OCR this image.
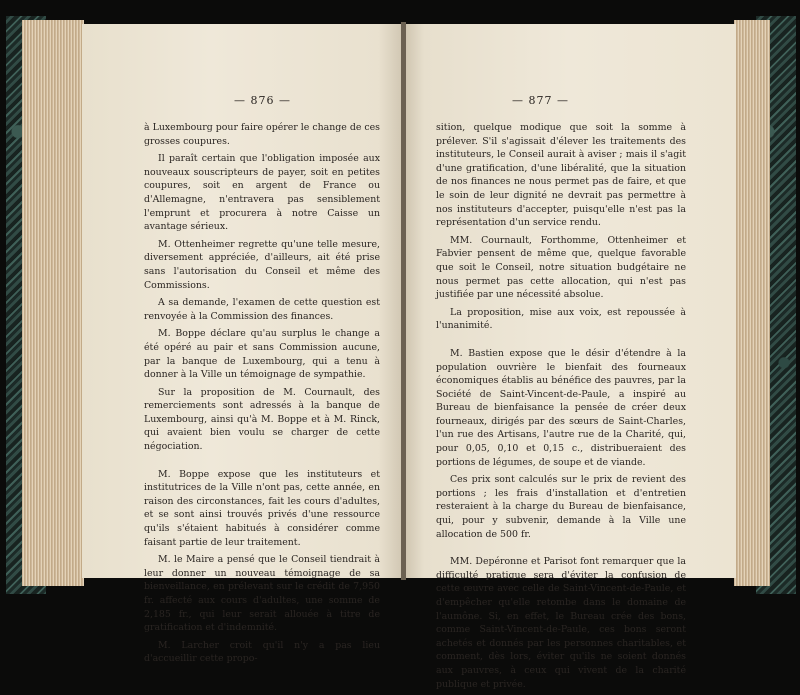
— 876 —

à Luxembourg pour faire opérer le change de ces grosses coupures.

Il paraît certain que l'obligation imposée aux nouveaux souscripteurs de payer, soit en petites coupures, soit en argent de France ou d'Allemagne, n'entravera pas sensiblement l'emprunt et procurera à notre Caisse un avantage sérieux.

M. Ottenheimer regrette qu'une telle mesure, diversement appréciée, d'ailleurs, ait été prise sans l'autorisation du Conseil et même des Commissions.

A sa demande, l'examen de cette question est renvoyée à la Commission des finances.

M. Boppe déclare qu'au surplus le change a été opéré au pair et sans Commission aucune, par la banque de Luxembourg, qui a tenu à donner à la Ville un témoignage de sympathie.

Sur la proposition de M. Cournault, des remerciements sont adressés à la banque de Luxembourg, ainsi qu'à M. Boppe et à M. Rinck, qui avaient bien voulu se charger de cette négociation.

M. Boppe expose que les instituteurs et institutrices de la Ville n'ont pas, cette année, en raison des circonstances, fait les cours d'adultes, et se sont ainsi trouvés privés d'une ressource qu'ils s'étaient habitués à considérer comme faisant partie de leur traitement.

M. le Maire a pensé que le Conseil tiendrait à leur donner un nouveau témoignage de sa bienveillance, en prélevant sur le crédit de 7,950 fr. affecté aux cours d'adultes, une somme de 2,185 fr., qui leur serait allouée à titre de gratification et d'indemnité.

M. Larcher croit qu'il n'y a pas lieu d'accueillir cette propo-

— 877 —

sition, quelque modique que soit la somme à prélever. S'il s'agissait d'élever les traitements des instituteurs, le Conseil aurait à aviser ; mais il s'agit d'une gratification, d'une libéralité, que la situation de nos finances ne nous permet pas de faire, et que le soin de leur dignité ne devrait pas permettre à nos instituteurs d'accepter, puisqu'elle n'est pas la représentation d'un service rendu.

MM. Cournault, Forthomme, Ottenheimer et Fabvier pensent de même que, quelque favorable que soit le Conseil, notre situation budgétaire ne nous permet pas cette allocation, qui n'est pas justifiée par une nécessité absolue.

La proposition, mise aux voix, est repoussée à l'unanimité.

M. Bastien expose que le désir d'étendre à la population ouvrière le bienfait des fourneaux économiques établis au bénéfice des pauvres, par la Société de Saint-Vincent-de-Paule, a inspiré au Bureau de bienfaisance la pensée de créer deux fourneaux, dirigés par des sœurs de Saint-Charles, l'un rue des Artisans, l'autre rue de la Charité, qui, pour 0,05, 0,10 et 0,15 c., distribueraient des portions de légumes, de soupe et de viande.

Ces prix sont calculés sur le prix de revient des portions ; les frais d'installation et d'entretien resteraient à la charge du Bureau de bienfaisance, qui, pour y subvenir, demande à la Ville une allocation de 500 fr.

MM. Depéronne et Parisot font remarquer que la difficulté pratique sera d'éviter la confusion de cette œuvre avec celle de Saint-Vincent-de-Paule, et d'empêcher qu'elle retombe dans le domaine de l'aumône. Si, en effet, le Bureau crée des bons, comme Saint-Vincent-de-Paule, ces bons seront achetés et donnés par les personnes charitables, et comment, dès lors, éviter qu'ils ne soient donnés aux pauvres, à ceux qui vivent de la charité publique et privée.
